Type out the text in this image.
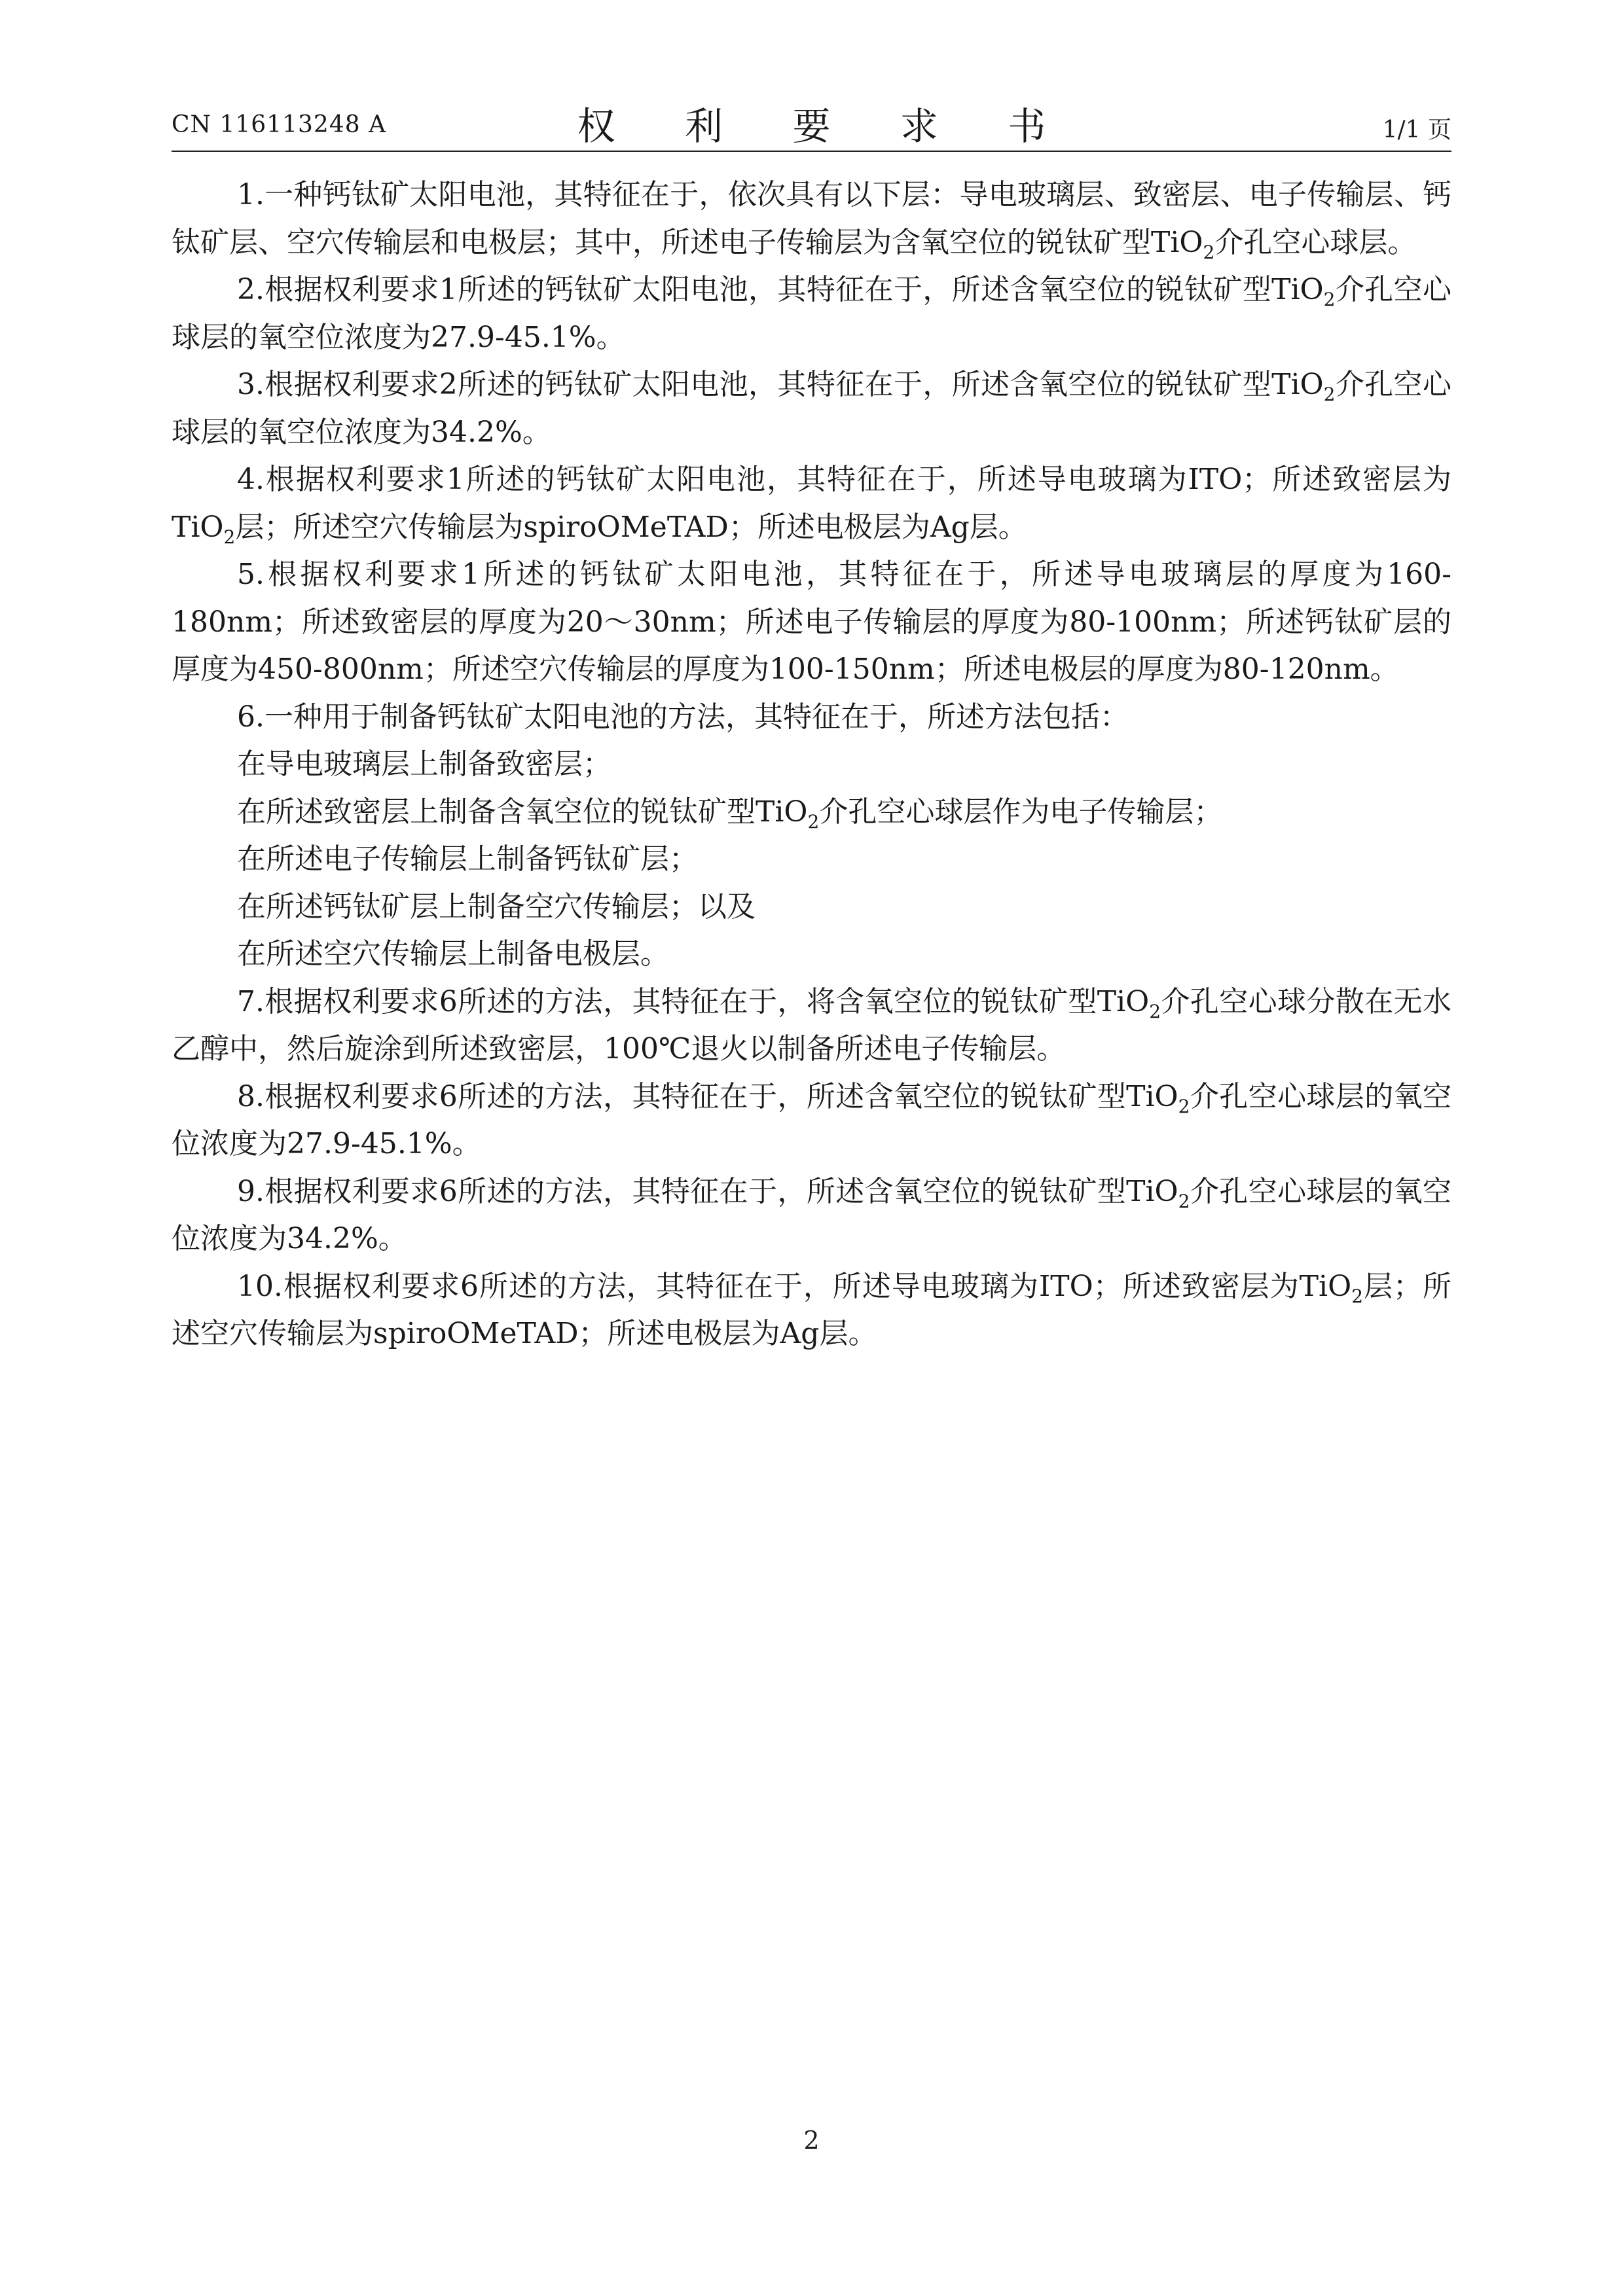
CN 116113248 A	权 利 要 求 书	1/1 页

1.一种钙钛矿太阳电池，其特征在于，依次具有以下层：导电玻璃层、致密层、电子传输层、钙钛矿层、空穴传输层和电极层；其中，所述电子传输层为含氧空位的锐钛矿型TiO$_2$介孔空心球层。

2.根据权利要求1所述的钙钛矿太阳电池，其特征在于，所述含氧空位的锐钛矿型TiO$_2$介孔空心球层的氧空位浓度为27.9-45.1%。

3.根据权利要求2所述的钙钛矿太阳电池，其特征在于，所述含氧空位的锐钛矿型TiO$_2$介孔空心球层的氧空位浓度为34.2%。

4.根据权利要求1所述的钙钛矿太阳电池，其特征在于，所述导电玻璃为ITO；所述致密层为TiO$_2$层；所述空穴传输层为spiroOMeTAD；所述电极层为Ag层。

5.根据权利要求1所述的钙钛矿太阳电池，其特征在于，所述导电玻璃层的厚度为160-180nm；所述致密层的厚度为20～30nm；所述电子传输层的厚度为80-100nm；所述钙钛矿层的厚度为450-800nm；所述空穴传输层的厚度为100-150nm；所述电极层的厚度为80-120nm。

6.一种用于制备钙钛矿太阳电池的方法，其特征在于，所述方法包括：

在导电玻璃层上制备致密层；

在所述致密层上制备含氧空位的锐钛矿型TiO$_2$介孔空心球层作为电子传输层；

在所述电子传输层上制备钙钛矿层；

在所述钙钛矿层上制备空穴传输层；以及

在所述空穴传输层上制备电极层。

7.根据权利要求6所述的方法，其特征在于，将含氧空位的锐钛矿型TiO$_2$介孔空心球分散在无水乙醇中，然后旋涂到所述致密层，100℃退火以制备所述电子传输层。

8.根据权利要求6所述的方法，其特征在于，所述含氧空位的锐钛矿型TiO$_2$介孔空心球层的氧空位浓度为27.9-45.1%。

9.根据权利要求6所述的方法，其特征在于，所述含氧空位的锐钛矿型TiO$_2$介孔空心球层的氧空位浓度为34.2%。

10.根据权利要求6所述的方法，其特征在于，所述导电玻璃为ITO；所述致密层为TiO$_2$层；所述空穴传输层为spiroOMeTAD；所述电极层为Ag层。

2
